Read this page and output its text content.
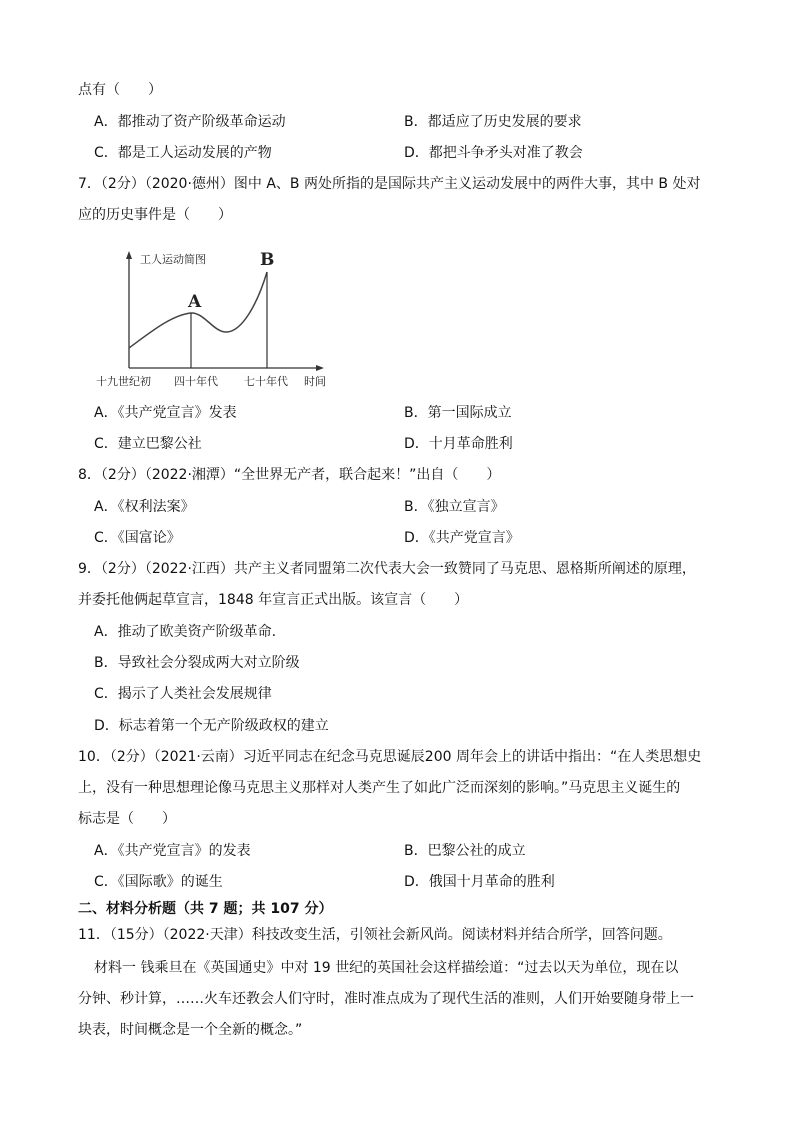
点有（　　）
A．都推动了资产阶级革命运动	B．都适应了历史发展的要求
C．都是工人运动发展的产物	D．都把斗争矛头对准了教会
7．（2分）（2020·德州）图中 A、B 两处所指的是国际共产主义运动发展中的两件大事，其中 B 处对
应的历史事件是（　　）
工人运动简图
A
B
十九世纪初 四十年代 七十年代 时间
A．《共产党宣言》发表	B．第一国际成立
C．建立巴黎公社	D．十月革命胜利
8．（2分）（2022·湘潭）“全世界无产者，联合起来！”出自（　　）
A．《权利法案》	B．《独立宣言》
C．《国富论》	D．《共产党宣言》
9．（2分）（2022·江西）共产主义者同盟第二次代表大会一致赞同了马克思、恩格斯所阐述的原理，
并委托他俩起草宣言，1848 年宣言正式出版。该宣言（　　）
A．推动了欧美资产阶级革命.
B．导致社会分裂成两大对立阶级
C．揭示了人类社会发展规律
D．标志着第一个无产阶级政权的建立
10．（2分）（2021·云南）习近平同志在纪念马克思诞辰200 周年会上的讲话中指出：“在人类思想史
上，没有一种思想理论像马克思主义那样对人类产生了如此广泛而深刻的影响。”马克思主义诞生的
标志是（　　）
A．《共产党宣言》的发表	B．巴黎公社的成立
C．《国际歌》的诞生	D．俄国十月革命的胜利
二、材料分析题（共 7 题；共 107 分）
11．（15分）（2022·天津）科技改变生活，引领社会新风尚。阅读材料并结合所学，回答问题。
材料一 钱乘旦在《英国通史》中对 19 世纪的英国社会这样描绘道：“过去以天为单位，现在以
分钟、秒计算，……火车还教会人们守时，准时准点成为了现代生活的准则，人们开始要随身带上一
块表，时间概念是一个全新的概念。”
